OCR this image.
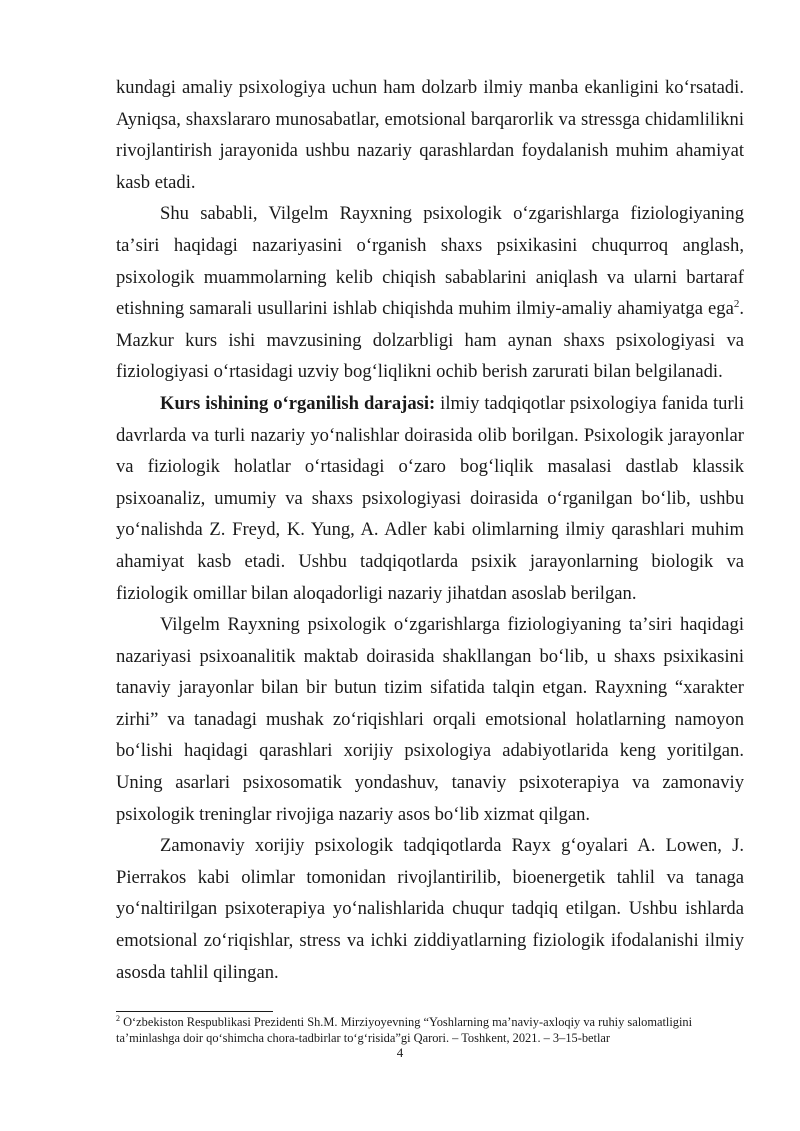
kundagi amaliy psixologiya uchun ham dolzarb ilmiy manba ekanligini koʻrsatadi. Ayniqsa, shaxslararo munosabatlar, emotsional barqarorlik va stressga chidamlilikni rivojlantirish jarayonida ushbu nazariy qarashlardan foydalanish muhim ahamiyat kasb etadi.

Shu sababli, Vilgelm Rayxning psixologik oʻzgarishlarga fiziologiyaning taʼsiri haqidagi nazariyasini oʻrganish shaxs psixikasini chuqurroq anglash, psixologik muammolarning kelib chiqish sabablarini aniqlash va ularni bartaraf etishning samarali usullarini ishlab chiqishda muhim ilmiy-amaliy ahamiyatga ega$^2$. Mazkur kurs ishi mavzusining dolzarbligi ham aynan shaxs psixologiyasi va fiziologiyasi oʻrtasidagi uzviy bogʻliqlikni ochib berish zarurati bilan belgilanadi.

Kurs ishining oʻrganilish darajasi: ilmiy tadqiqotlar psixologiya fanida turli davrlarda va turli nazariy yoʻnalishlar doirasida olib borilgan. Psixologik jarayonlar va fiziologik holatlar oʻrtasidagi oʻzaro bogʻliqlik masalasi dastlab klassik psixoanaliz, umumiy va shaxs psixologiyasi doirasida oʻrganilgan boʻlib, ushbu yoʻnalishda Z. Freyd, K. Yung, A. Adler kabi olimlarning ilmiy qarashlari muhim ahamiyat kasb etadi. Ushbu tadqiqotlarda psixik jarayonlarning biologik va fiziologik omillar bilan aloqadorligi nazariy jihatdan asoslab berilgan.

Vilgelm Rayxning psixologik oʻzgarishlarga fiziologiyaning taʼsiri haqidagi nazariyasi psixoanalitik maktab doirasida shakllangan boʻlib, u shaxs psixikasini tanaviy jarayonlar bilan bir butun tizim sifatida talqin etgan. Rayxning “xarakter zirhi” va tanadagi mushak zoʻriqishlari orqali emotsional holatlarning namoyon boʻlishi haqidagi qarashlari xorijiy psixologiya adabiyotlarida keng yoritilgan. Uning asarlari psixosomatik yondashuv, tanaviy psixoterapiya va zamonaviy psixologik treninglar rivojiga nazariy asos boʻlib xizmat qilgan.

Zamonaviy xorijiy psixologik tadqiqotlarda Rayx gʻoyalari A. Lowen, J. Pierrakos kabi olimlar tomonidan rivojlantirilib, bioenergetik tahlil va tanaga yoʻnaltirilgan psixoterapiya yoʻnalishlarida chuqur tadqiq etilgan. Ushbu ishlarda emotsional zoʻriqishlar, stress va ichki ziddiyatlarning fiziologik ifodalanishi ilmiy asosda tahlil qilingan.

$^2$ Oʻzbekiston Respublikasi Prezidenti Sh.M. Mirziyoyevning “Yoshlarning maʼnaviy-axloqiy va ruhiy salomatligini taʼminlashga doir qoʻshimcha chora-tadbirlar toʻgʻrisida”gi Qarori. – Toshkent, 2021. – 3–15-betlar

4
